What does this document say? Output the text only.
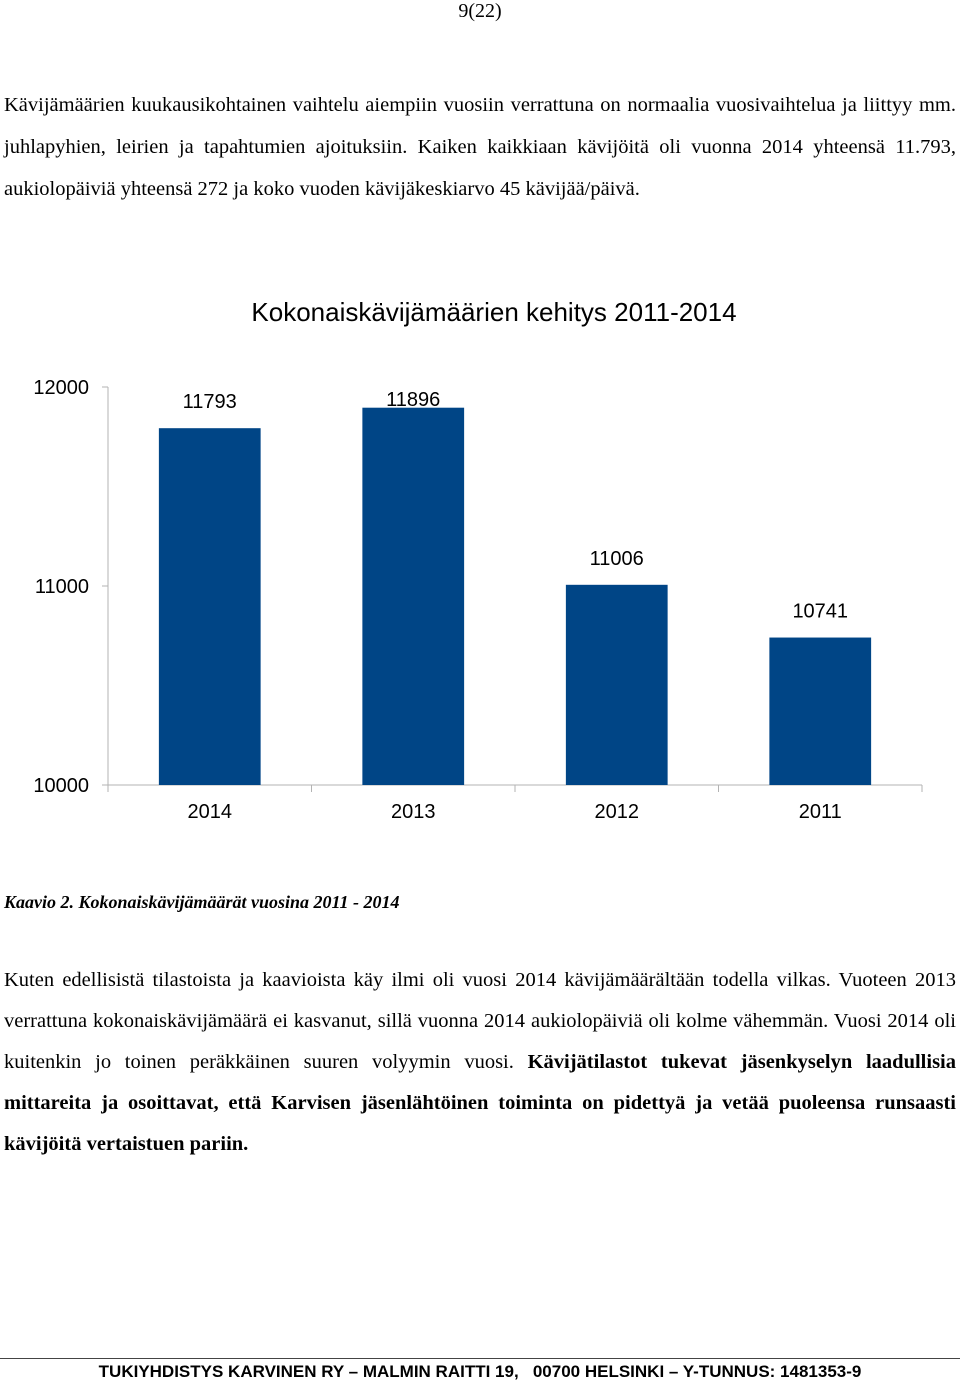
9(22)
Kävijämäärien kuukausikohtainen vaihtelu aiempiin vuosiin verrattuna on normaalia vuosivaihtelua ja liittyy mm. juhlapyhien, leirien ja tapahtumien ajoituksiin. Kaiken kaikkiaan kävijöitä oli vuonna 2014 yhteensä 11.793, aukiolopäiviä yhteensä 272 ja koko vuoden kävijäkeskiarvo 45 kävijää/päivä.
Kokonaiskävijämäärien kehitys 2011-2014
10000
11000
12000
11793
2014
11896
2013
11006
2012
10741
2011
Kaavio 2. Kokonaiskävijämäärät vuosina 2011 - 2014
Kuten edellisistä tilastoista ja kaavioista käy ilmi oli vuosi 2014 kävijämäärältään todella vilkas. Vuoteen 2013 verrattuna kokonaiskävijämäärä ei kasvanut, sillä vuonna 2014 aukiolopäiviä oli kolme vähemmän. Vuosi 2014 oli kuitenkin jo toinen peräkkäinen suuren volyymin vuosi. Kävijätilastot tukevat jäsenkyselyn laadullisia mittareita ja osoittavat, että Karvisen jäsenlähtöinen toiminta on pidettyä ja vetää puoleensa runsaasti kävijöitä vertaistuen pariin.
TUKIYHDISTYS KARVINEN RY – MALMIN RAITTI 19,   00700 HELSINKI – Y-TUNNUS: 1481353-9
